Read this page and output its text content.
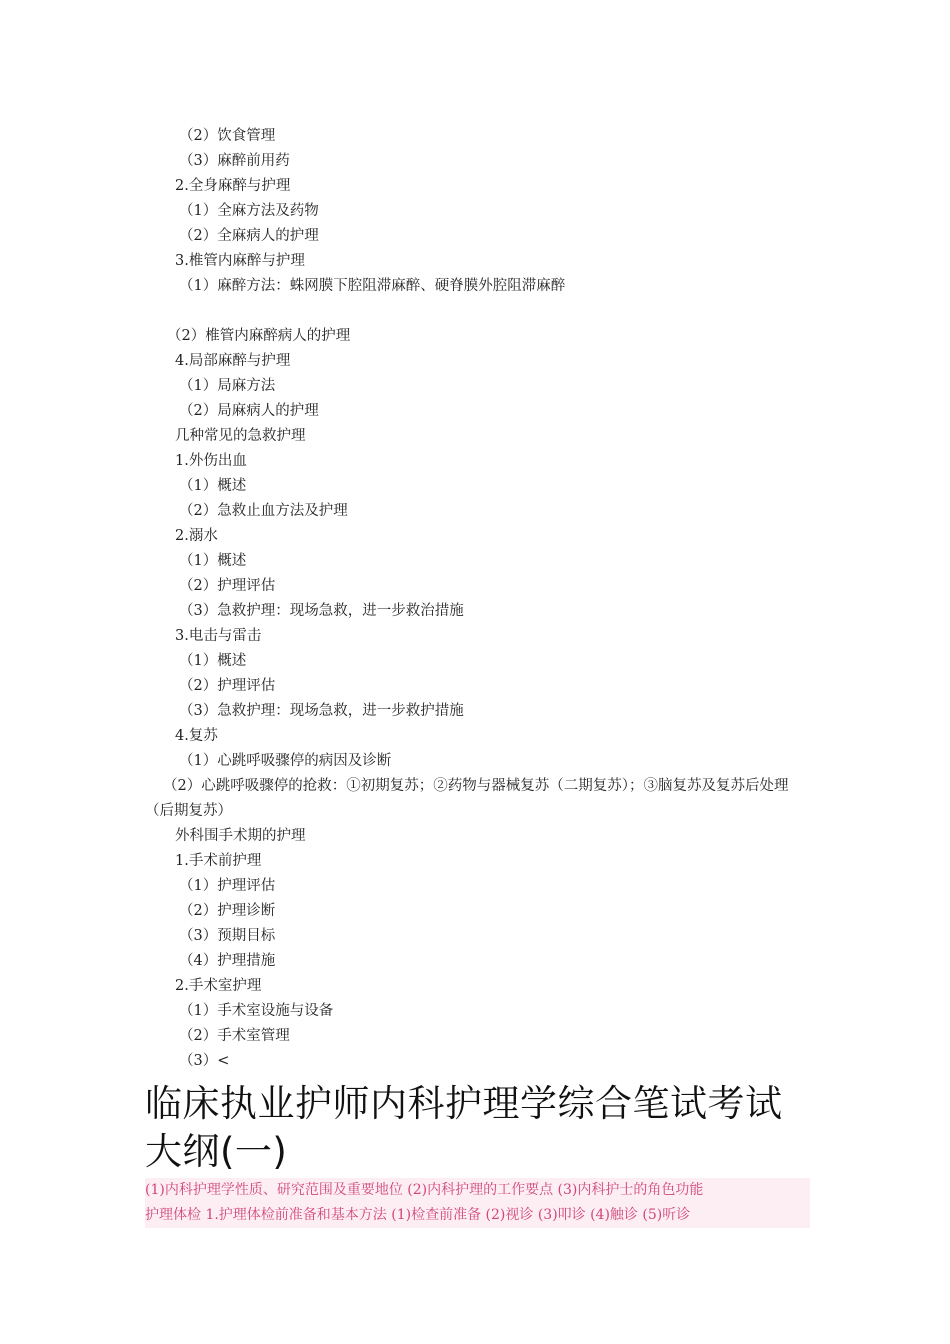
（2）饮食管理
（3）麻醉前用药
2.全身麻醉与护理
（1）全麻方法及药物
（2）全麻病人的护理
3.椎管内麻醉与护理
（1）麻醉方法：蛛网膜下腔阻滞麻醉、硬脊膜外腔阻滞麻醉
（2）椎管内麻醉病人的护理
4.局部麻醉与护理
（1）局麻方法
（2）局麻病人的护理
几种常见的急救护理
1.外伤出血
（1）概述
（2）急救止血方法及护理
2.溺水
（1）概述
（2）护理评估
（3）急救护理：现场急救，进一步救治措施
3.电击与雷击
（1）概述
（2）护理评估
（3）急救护理：现场急救，进一步救护措施
4.复苏
（1）心跳呼吸骤停的病因及诊断
（2）心跳呼吸骤停的抢救：①初期复苏；②药物与器械复苏（二期复苏）；③脑复苏及复苏后处理（后期复苏）
外科围手术期的护理
1.手术前护理
（1）护理评估
（2）护理诊断
（3）预期目标
（4）护理措施
2.手术室护理
（1）手术室设施与设备
（2）手术室管理
（3）<
临床执业护师内科护理学综合笔试考试
大纲(一)
(1)内科护理学性质、研究范围及重要地位 (2)内科护理的工作要点 (3)内科护士的角色功能
护理体检 1.护理体检前准备和基本方法 (1)检查前准备 (2)视诊 (3)叩诊 (4)触诊 (5)听诊
